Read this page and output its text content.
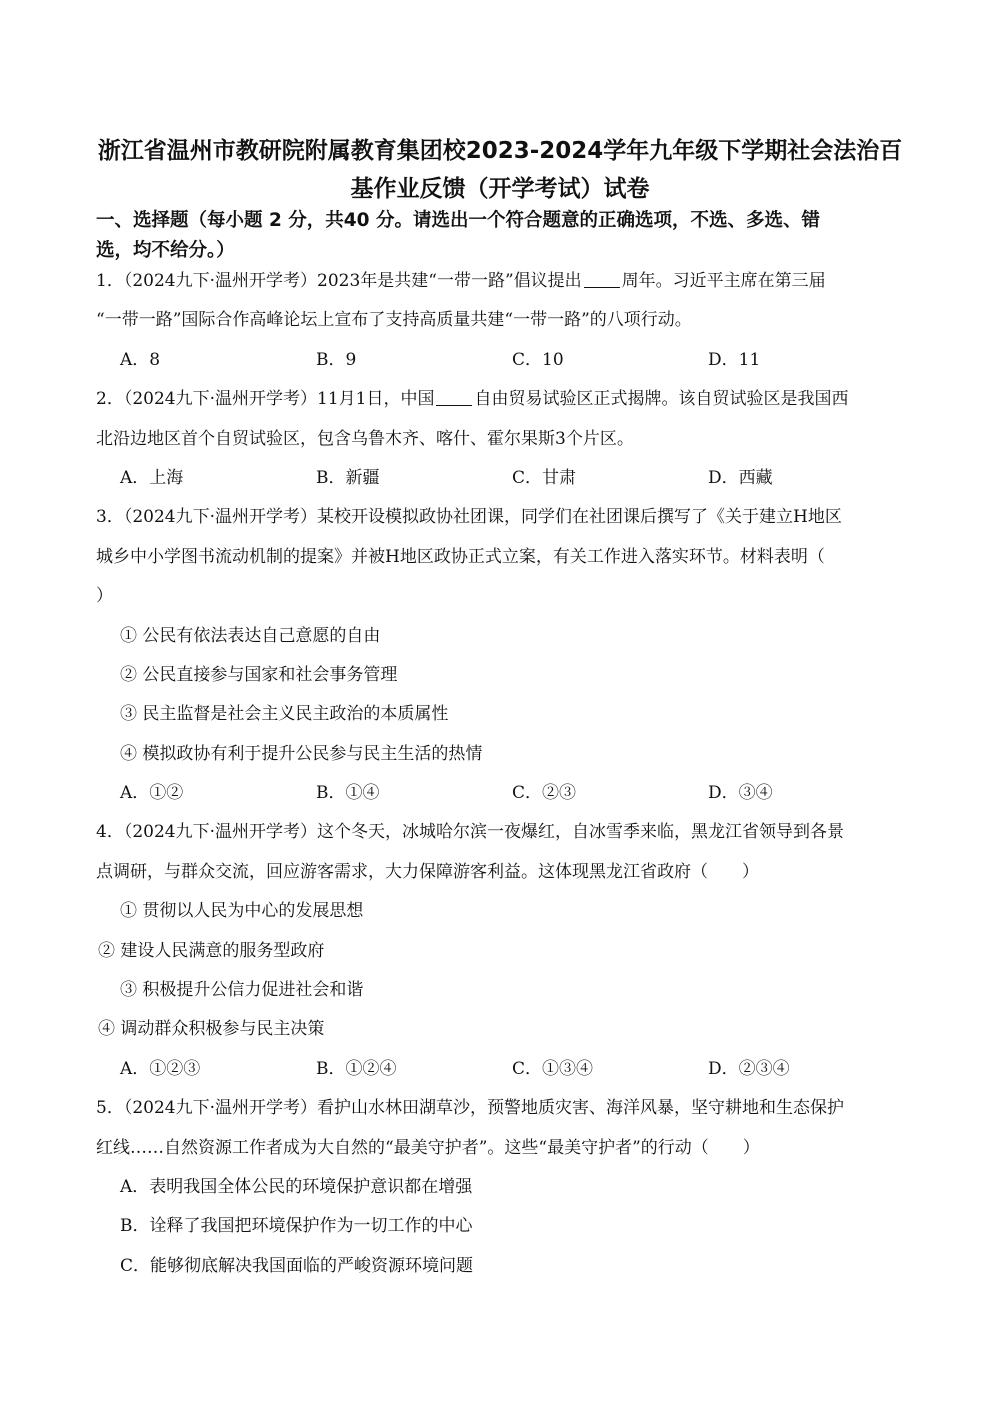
浙江省温州市教研院附属教育集团校2023-2024学年九年级下学期社会法治百
基作业反馈（开学考试）试卷
一、选择题（每小题 2 分，共40 分。请选出一个符合题意的正确选项，不选、多选、错
选，均不给分。）
1．（2024九下·温州开学考）2023年是共建“一带一路”倡议提出 周年。习近平主席在第三届
“一带一路”国际合作高峰论坛上宣布了支持高质量共建“一带一路”的八项行动。
A．8	B．9	C．10	D．11
2．（2024九下·温州开学考）11月1日，中国 自由贸易试验区正式揭牌。该自贸试验区是我国西
北沿边地区首个自贸试验区，包含乌鲁木齐、喀什、霍尔果斯3个片区。
A．上海	B．新疆	C．甘肃	D．西藏
3．（2024九下·温州开学考）某校开设模拟政协社团课，同学们在社团课后撰写了《关于建立H地区
城乡中小学图书流动机制的提案》并被H地区政协正式立案，有关工作进入落实环节。材料表明（
）
① 公民有依法表达自己意愿的自由
② 公民直接参与国家和社会事务管理
③ 民主监督是社会主义民主政治的本质属性
④ 模拟政协有利于提升公民参与民主生活的热情
A．①②	B．①④	C．②③	D．③④
4．（2024九下·温州开学考）这个冬天，冰城哈尔滨一夜爆红，自冰雪季来临，黑龙江省领导到各景
点调研，与群众交流，回应游客需求，大力保障游客利益。这体现黑龙江省政府（　　）
① 贯彻以人民为中心的发展思想
② 建设人民满意的服务型政府
③ 积极提升公信力促进社会和谐
④ 调动群众积极参与民主决策
A．①②③	B．①②④	C．①③④	D．②③④
5．（2024九下·温州开学考）看护山水林田湖草沙，预警地质灾害、海洋风暴，坚守耕地和生态保护
红线……自然资源工作者成为大自然的“最美守护者”。这些“最美守护者”的行动（　　）
A．表明我国全体公民的环境保护意识都在增强
B．诠释了我国把环境保护作为一切工作的中心
C．能够彻底解决我国面临的严峻资源环境问题
